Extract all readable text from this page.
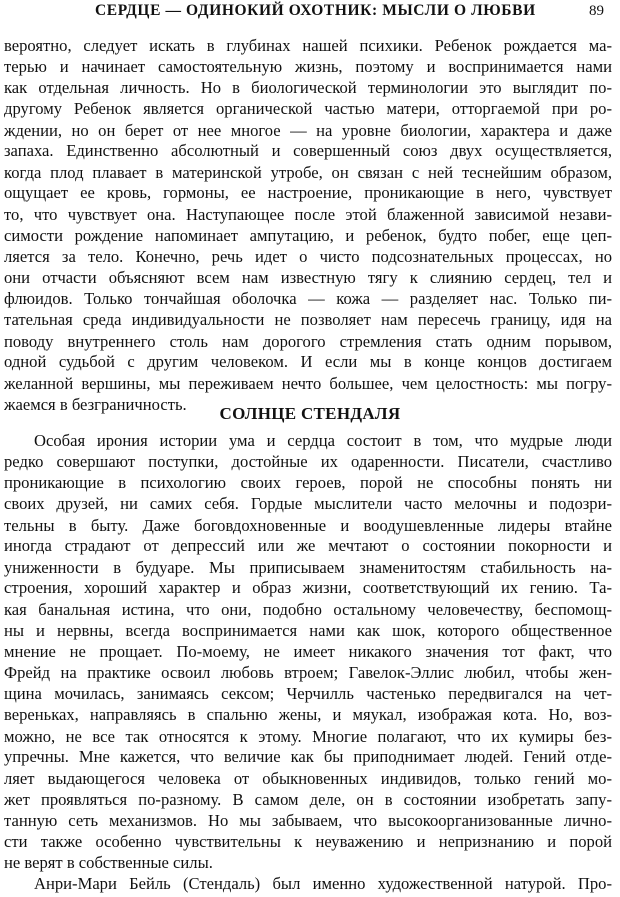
СЕРДЦЕ — ОДИНОКИЙ ОХОТНИК: МЫСЛИ О ЛЮБВИ	89
вероятно, следует искать в глубинах нашей психики. Ребенок рождается ма-
терью и начинает самостоятельную жизнь, поэтому и воспринимается нами
как отдельная личность. Но в биологической терминологии это выглядит по-
другому Ребенок является органической частью матери, отторгаемой при ро-
ждении, но он берет от нее многое — на уровне биологии, характера и даже
запаха. Единственно абсолютный и совершенный союз двух осуществляется,
когда плод плавает в материнской утробе, он связан с ней теснейшим образом,
ощущает ее кровь, гормоны, ее настроение, проникающие в него, чувствует
то, что чувствует она. Наступающее после этой блаженной зависимой незави-
симости рождение напоминает ампутацию, и ребенок, будто побег, еще цеп-
ляется за тело. Конечно, речь идет о чисто подсознательных процессах, но
они отчасти объясняют всем нам известную тягу к слиянию сердец, тел и
флюидов. Только тончайшая оболочка — кожа — разделяет нас. Только пи-
тательная среда индивидуальности не позволяет нам пересечь границу, идя на
поводу внутреннего столь нам дорогого стремления стать одним порывом,
одной судьбой с другим человеком. И если мы в конце концов достигаем
желанной вершины, мы переживаем нечто большее, чем целостность: мы погру-
жаемся в безграничность.	СОЛНЦЕ СТЕНДАЛЯ
Особая ирония истории ума и сердца состоит в том, что мудрые люди
редко совершают поступки, достойные их одаренности. Писатели, счастливо
проникающие в психологию своих героев, порой не способны понять ни
своих друзей, ни самих себя. Гордые мыслители часто мелочны и подозри-
тельны в быту. Даже боговдохновенные и воодушевленные лидеры втайне
иногда страдают от депрессий или же мечтают о состоянии покорности и
униженности в будуаре. Мы приписываем знаменитостям стабильность на-
строения, хороший характер и образ жизни, соответствующий их гению. Та-
кая банальная истина, что они, подобно остальному человечеству, беспомощ-
ны и нервны, всегда воспринимается нами как шок, которого общественное
мнение не прощает. По-моему, не имеет никакого значения тот факт, что
Фрейд на практике освоил любовь втроем; Гавелок-Эллис любил, чтобы жен-
щина мочилась, занимаясь сексом; Черчилль частенько передвигался на чет-
вереньках, направляясь в спальню жены, и мяукал, изображая кота. Но, воз-
можно, не все так относятся к этому. Многие полагают, что их кумиры без-
упречны. Мне кажется, что величие как бы приподнимает людей. Гений отде-
ляет выдающегося человека от обыкновенных индивидов, только гений мо-
жет проявляться по-разному. В самом деле, он в состоянии изобретать запу-
танную сеть механизмов. Но мы забываем, что высокоорганизованные лично-
сти также особенно чувствительны к неуважению и непризнанию и порой
не верят в собственные силы.
Анри-Мари Бейль (Стендаль) был именно художественной натурой. Про-
